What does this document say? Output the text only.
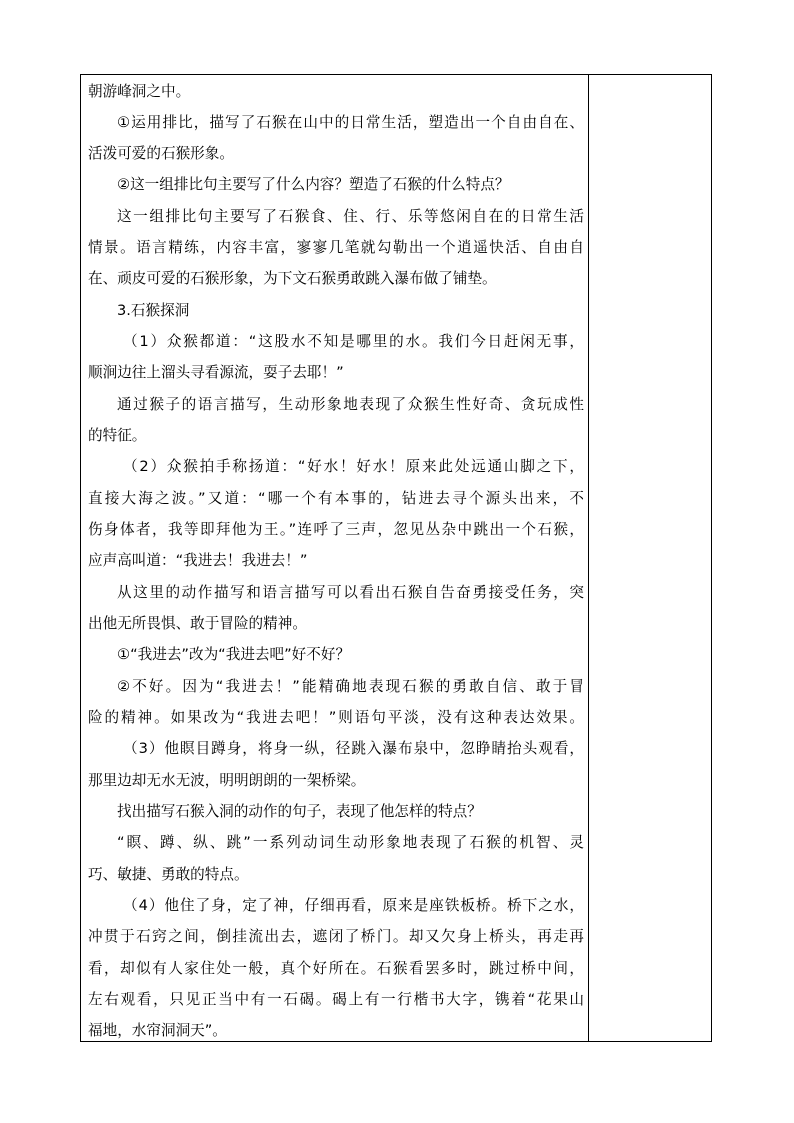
朝游峰洞之中。
①运用排比，描写了石猴在山中的日常生活，塑造出一个自由自在、
活泼可爱的石猴形象。
②这一组排比句主要写了什么内容？塑造了石猴的什么特点？
这一组排比句主要写了石猴食、住、行、乐等悠闲自在的日常生活
情景。语言精练，内容丰富，寥寥几笔就勾勒出一个逍遥快活、自由自
在、顽皮可爱的石猴形象，为下文石猴勇敢跳入瀑布做了铺垫。
3.石猴探洞
（1）众猴都道：“这股水不知是哪里的水。我们今日赶闲无事，
顺涧边往上溜头寻看源流，耍子去耶！”
通过猴子的语言描写，生动形象地表现了众猴生性好奇、贪玩成性
的特征。
（2）众猴拍手称扬道：“好水！好水！原来此处远通山脚之下，
直接大海之波。”又道：“哪一个有本事的，钻进去寻个源头出来，不
伤身体者，我等即拜他为王。”连呼了三声，忽见丛杂中跳出一个石猴，
应声高叫道：“我进去！我进去！”
从这里的动作描写和语言描写可以看出石猴自告奋勇接受任务，突
出他无所畏惧、敢于冒险的精神。
①“我进去”改为“我进去吧”好不好？
②不好。因为“我进去！”能精确地表现石猴的勇敢自信、敢于冒
险的精神。如果改为“我进去吧！”则语句平淡，没有这种表达效果。
（3）他瞑目蹲身，将身一纵，径跳入瀑布泉中，忽睁睛抬头观看，
那里边却无水无波，明明朗朗的一架桥梁。
找出描写石猴入洞的动作的句子，表现了他怎样的特点？
“瞑、蹲、纵、跳”一系列动词生动形象地表现了石猴的机智、灵
巧、敏捷、勇敢的特点。
（4）他住了身，定了神，仔细再看，原来是座铁板桥。桥下之水，
冲贯于石窍之间，倒挂流出去，遮闭了桥门。却又欠身上桥头，再走再
看，却似有人家住处一般，真个好所在。石猴看罢多时，跳过桥中间，
左右观看，只见正当中有一石碣。碣上有一行楷书大字，镌着“花果山
福地，水帘洞洞天”。
